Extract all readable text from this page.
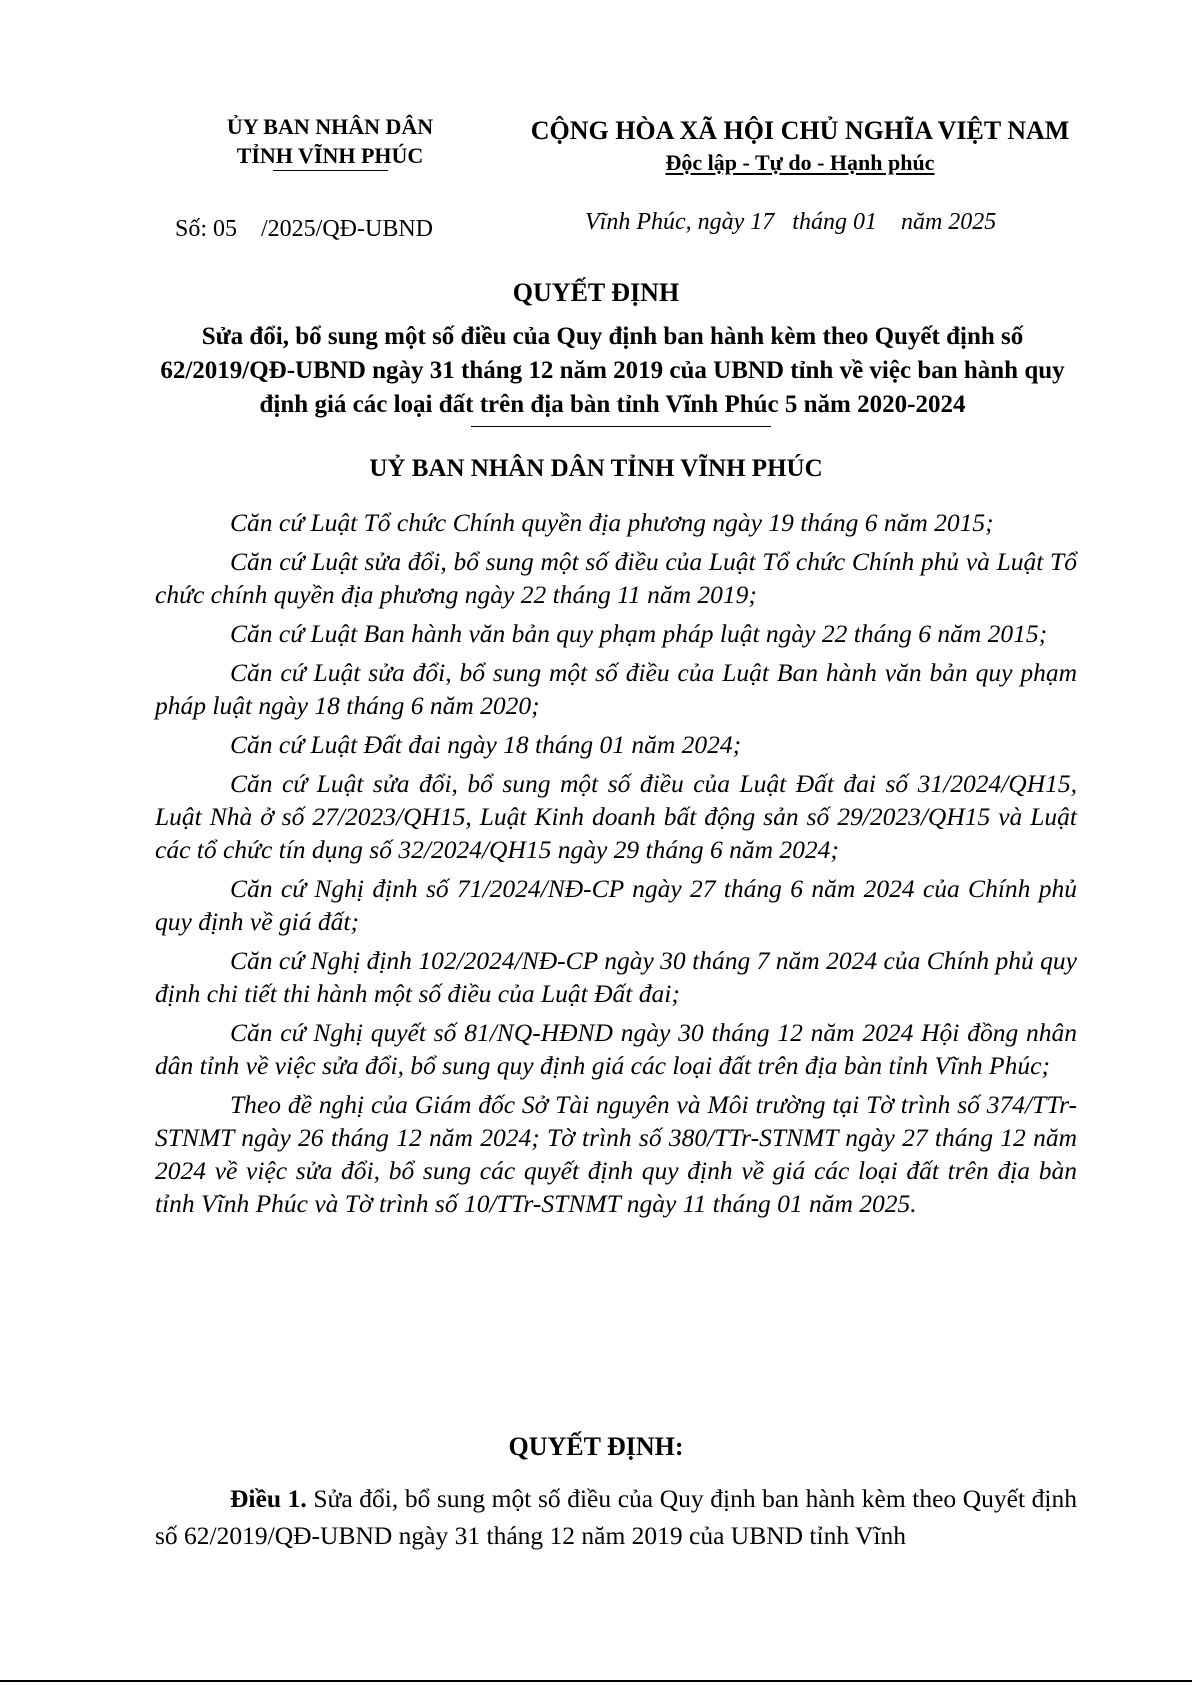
ỦY BAN NHÂN DÂN
TỈNH VĨNH PHÚC
CỘNG HÒA XÃ HỘI CHỦ NGHĨA VIỆT NAM
Độc lập - Tự do - Hạnh phúc
Số: 05    /2025/QĐ-UBND	Vĩnh Phúc, ngày 17   tháng 01    năm 2025
QUYẾT ĐỊNH
Sửa đổi, bổ sung một số điều của Quy định ban hành kèm theo Quyết định số 62/2019/QĐ-UBND ngày 31 tháng 12 năm 2019 của UBND tỉnh về việc ban hành quy định giá các loại đất trên địa bàn tỉnh Vĩnh Phúc 5 năm 2020-2024
UỶ BAN NHÂN DÂN TỈNH VĨNH PHÚC

Căn cứ Luật Tổ chức Chính quyền địa phương ngày 19 tháng 6 năm 2015;

Căn cứ Luật sửa đổi, bổ sung một số điều của Luật Tổ chức Chính phủ và Luật Tổ chức chính quyền địa phương ngày 22 tháng 11 năm 2019;

Căn cứ Luật Ban hành văn bản quy phạm pháp luật ngày 22 tháng 6 năm 2015;

Căn cứ Luật sửa đổi, bổ sung một số điều của Luật Ban hành văn bản quy phạm pháp luật ngày 18 tháng 6 năm 2020;

Căn cứ Luật Đất đai ngày 18 tháng 01 năm 2024;

Căn cứ Luật sửa đổi, bổ sung một số điều của Luật Đất đai số 31/2024/QH15, Luật Nhà ở số 27/2023/QH15, Luật Kinh doanh bất động sản số 29/2023/QH15 và Luật các tổ chức tín dụng số 32/2024/QH15 ngày 29 tháng 6 năm 2024;

Căn cứ Nghị định số 71/2024/NĐ-CP ngày 27 tháng 6 năm 2024 của Chính phủ quy định về giá đất;

Căn cứ Nghị định 102/2024/NĐ-CP ngày 30 tháng 7 năm 2024 của Chính phủ quy định chi tiết thi hành một số điều của Luật Đất đai;

Căn cứ Nghị quyết số 81/NQ-HĐND ngày 30 tháng 12 năm 2024 Hội đồng nhân dân tỉnh về việc sửa đổi, bổ sung quy định giá các loại đất trên địa bàn tỉnh Vĩnh Phúc;

Theo đề nghị của Giám đốc Sở Tài nguyên và Môi trường tại Tờ trình số 374/TTr-STNMT ngày 26 tháng 12 năm 2024; Tờ trình số 380/TTr-STNMT ngày 27 tháng 12 năm 2024 về việc sửa đổi, bổ sung các quyết định quy định về giá các loại đất trên địa bàn tỉnh Vĩnh Phúc và Tờ trình số 10/TTr-STNMT ngày 11 tháng 01 năm 2025.

QUYẾT ĐỊNH:

Điều 1. Sửa đổi, bổ sung một số điều của Quy định ban hành kèm theo Quyết định số 62/2019/QĐ-UBND ngày 31 tháng 12 năm 2019 của UBND tỉnh Vĩnh
